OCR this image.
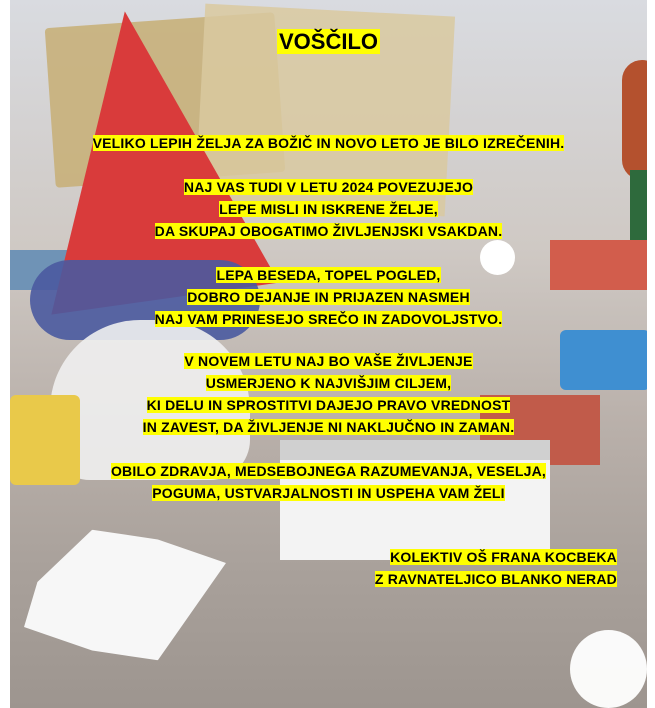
VOŠČILO

VELIKO LEPIH ŽELJA ZA BOŽIČ IN NOVO LETO JE BILO IZREČENIH.
NAJ VAS TUDI V LETU 2024 POVEZUJEJO
LEPE MISLI IN ISKRENE ŽELJE,
DA SKUPAJ OBOGATIMO ŽIVLJENJSKI VSAKDAN.
LEPA BESEDA, TOPEL POGLED,
DOBRO DEJANJE IN PRIJAZEN NASMEH
NAJ VAM PRINESEJO SREČO IN ZADOVOLJSTVO.
V NOVEM LETU NAJ BO VAŠE ŽIVLJENJE
USMERJENO K NAJVIŠJIM CILJEM,
KI DELU IN SPROSTITVI DAJEJO PRAVO VREDNOST
IN ZAVEST, DA ŽIVLJENJE NI NAKLJUČNO IN ZAMAN.
OBILO ZDRAVJA, MEDSEBOJNEGA RAZUMEVANJA, VESELJA,
POGUMA, USTVARJALNOSTI IN USPEHA VAM ŽELI
KOLEKTIV OŠ FRANA KOCBEKA
Z RAVNATELJICO BLANKO NERAD
